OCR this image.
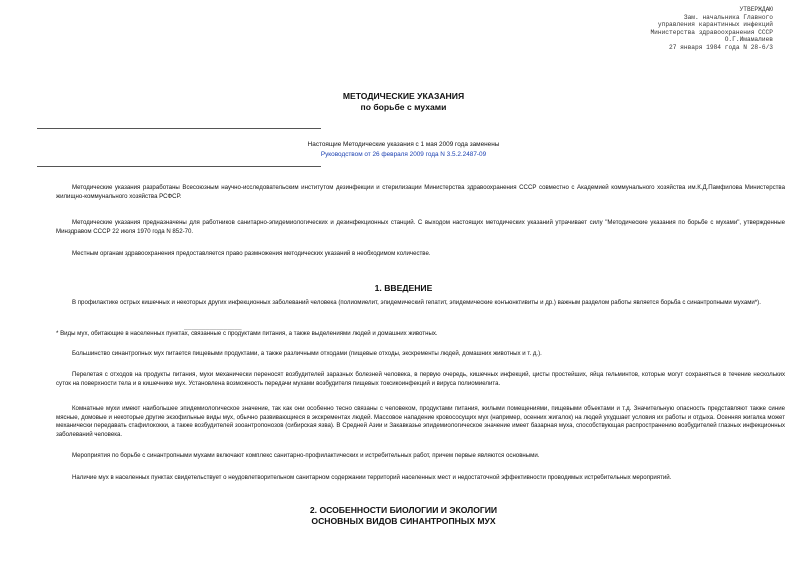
УТВЕРЖДАЮ
Зам. начальника Главного
управления карантинных инфекций
Министерства здравоохранения СССР
О.Г.Имамалиев
27 января 1984 года N 28-6/3
МЕТОДИЧЕСКИЕ УКАЗАНИЯ
по борьбе с мухами
Настоящие Методические указания с 1 мая 2009 года заменены
Руководством от 26 февраля 2009 года N 3.5.2.2487-09
Методические указания разработаны Всесоюзным научно-исследовательским институтом дезинфекции и стерилизации Министерства здравоохранения СССР совместно с Академией коммунального хозяйства им.К.Д.Памфилова Министерства жилищно-коммунального хозяйства РСФСР.
Методические указания предназначены для работников санитарно-эпидемиологических и дезинфекционных станций. С выходом настоящих методических указаний утрачивает силу "Методические указания по борьбе с мухами", утвержденные Минздравом СССР 22 июля 1970 года N 852-70.
Местным органам здравоохранения предоставляется право размножения методических указаний в необходимом количестве.
1. ВВЕДЕНИЕ
В профилактике острых кишечных и некоторых других инфекционных заболеваний человека (полиомиелит, эпидемический гепатит, эпидемические конъюнктивиты и др.) важным разделом работы является борьба с синантропными мухами*).
________________
* Виды мух, обитающие в населенных пунктах, связанные с продуктами питания, а также выделениями людей и домашних животных.
Большинство синантропных мух питается пищевыми продуктами, а также различными отходами (пищевые отходы, экскременты людей, домашних животных и т. д.).
Перелетая с отходов на продукты питания, мухи механически переносят возбудителей заразных болезней человека, в первую очередь, кишечных инфекций, цисты простейших, яйца гельминтов, которые могут сохраняться в течение нескольких суток на поверхности тела и в кишечнике мух. Установлена возможность передачи мухами возбудителя пищевых токсикоинфекций и вируса полиомиелита.
Комнатные мухи имеют наибольшее эпидемиологическое значение, так как они особенно тесно связаны с человеком, продуктами питания, жилыми помещениями, пищевыми объектами и т.д. Значительную опасность представляют также синие мясные, домовые и некоторые другие экзофильные виды мух, обычно развивающиеся в экскрементах людей. Массовое нападение кровососущих мух (например, осенних жигалок) на людей ухудшает условия их работы и отдыха. Осенняя жигалка может механически передавать стафилококки, а также возбудителей зооантропонозов (сибирская язва). В Средней Азии и Закавказье эпидемиологическое значение имеет базарная муха, способствующая распространению возбудителей глазных инфекционных заболеваний человека.
Мероприятия по борьбе с синантропными мухами включают комплекс санитарно-профилактических и истребительных работ, причем первые являются основными.
Наличие мух в населенных пунктах свидетельствует о неудовлетворительном санитарном содержании территорий населенных мест и недостаточной эффективности проводимых истребительных мероприятий.
2. ОСОБЕННОСТИ БИОЛОГИИ И ЭКОЛОГИИ
ОСНОВНЫХ ВИДОВ СИНАНТРОПНЫХ МУХ
